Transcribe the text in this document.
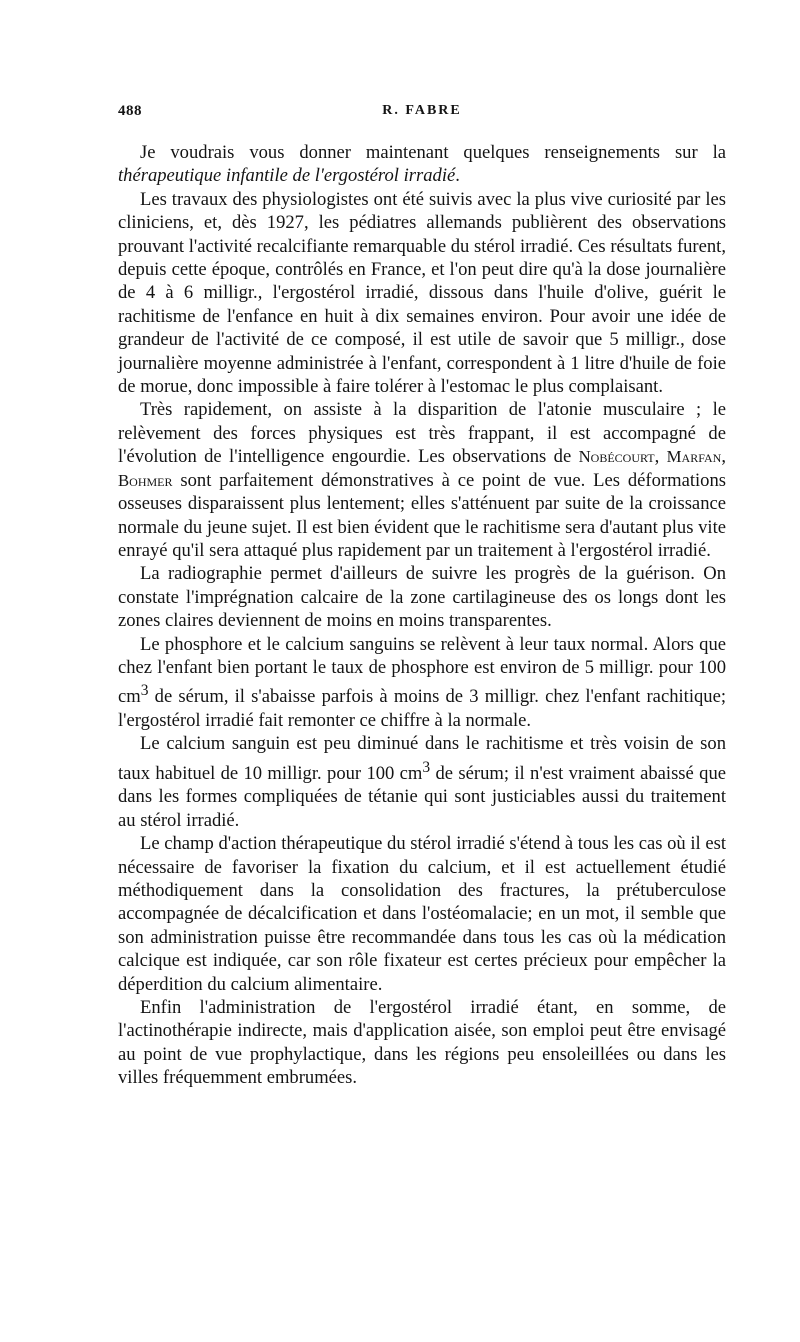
488	R. FABRE

Je voudrais vous donner maintenant quelques renseignements sur la thérapeutique infantile de l'ergostérol irradié.

Les travaux des physiologistes ont été suivis avec la plus vive curiosité par les cliniciens, et, dès 1927, les pédiatres allemands publièrent des observations prouvant l'activité recalcifiante remarquable du stérol irradié. Ces résultats furent, depuis cette époque, contrôlés en France, et l'on peut dire qu'à la dose journalière de 4 à 6 milligr., l'ergostérol irradié, dissous dans l'huile d'olive, guérit le rachitisme de l'enfance en huit à dix semaines environ. Pour avoir une idée de grandeur de l'activité de ce composé, il est utile de savoir que 5 milligr., dose journalière moyenne administrée à l'enfant, correspondent à 1 litre d'huile de foie de morue, donc impossible à faire tolérer à l'estomac le plus complaisant.

Très rapidement, on assiste à la disparition de l'atonie musculaire ; le relèvement des forces physiques est très frappant, il est accompagné de l'évolution de l'intelligence engourdie. Les observations de Nobécourt, Marfan, Bohmer sont parfaitement démonstratives à ce point de vue. Les déformations osseuses disparaissent plus lentement; elles s'atténuent par suite de la croissance normale du jeune sujet. Il est bien évident que le rachitisme sera d'autant plus vite enrayé qu'il sera attaqué plus rapidement par un traitement à l'ergostérol irradié.

La radiographie permet d'ailleurs de suivre les progrès de la guérison. On constate l'imprégnation calcaire de la zone cartilagineuse des os longs dont les zones claires deviennent de moins en moins transparentes.

Le phosphore et le calcium sanguins se relèvent à leur taux normal. Alors que chez l'enfant bien portant le taux de phosphore est environ de 5 milligr. pour 100 $cm^3$ de sérum, il s'abaisse parfois à moins de 3 milligr. chez l'enfant rachitique; l'ergostérol irradié fait remonter ce chiffre à la normale.

Le calcium sanguin est peu diminué dans le rachitisme et très voisin de son taux habituel de 10 milligr. pour 100 $cm^3$ de sérum; il n'est vraiment abaissé que dans les formes compliquées de tétanie qui sont justiciables aussi du traitement au stérol irradié.

Le champ d'action thérapeutique du stérol irradié s'étend à tous les cas où il est nécessaire de favoriser la fixation du calcium, et il est actuellement étudié méthodiquement dans la consolidation des fractures, la prétuberculose accompagnée de décalcification et dans l'ostéomalacie; en un mot, il semble que son administration puisse être recommandée dans tous les cas où la médication calcique est indiquée, car son rôle fixateur est certes précieux pour empêcher la déperdition du calcium alimentaire.

Enfin l'administration de l'ergostérol irradié étant, en somme, de l'actinothérapie indirecte, mais d'application aisée, son emploi peut être envisagé au point de vue prophylactique, dans les régions peu ensoleillées ou dans les villes fréquemment embrumées.
